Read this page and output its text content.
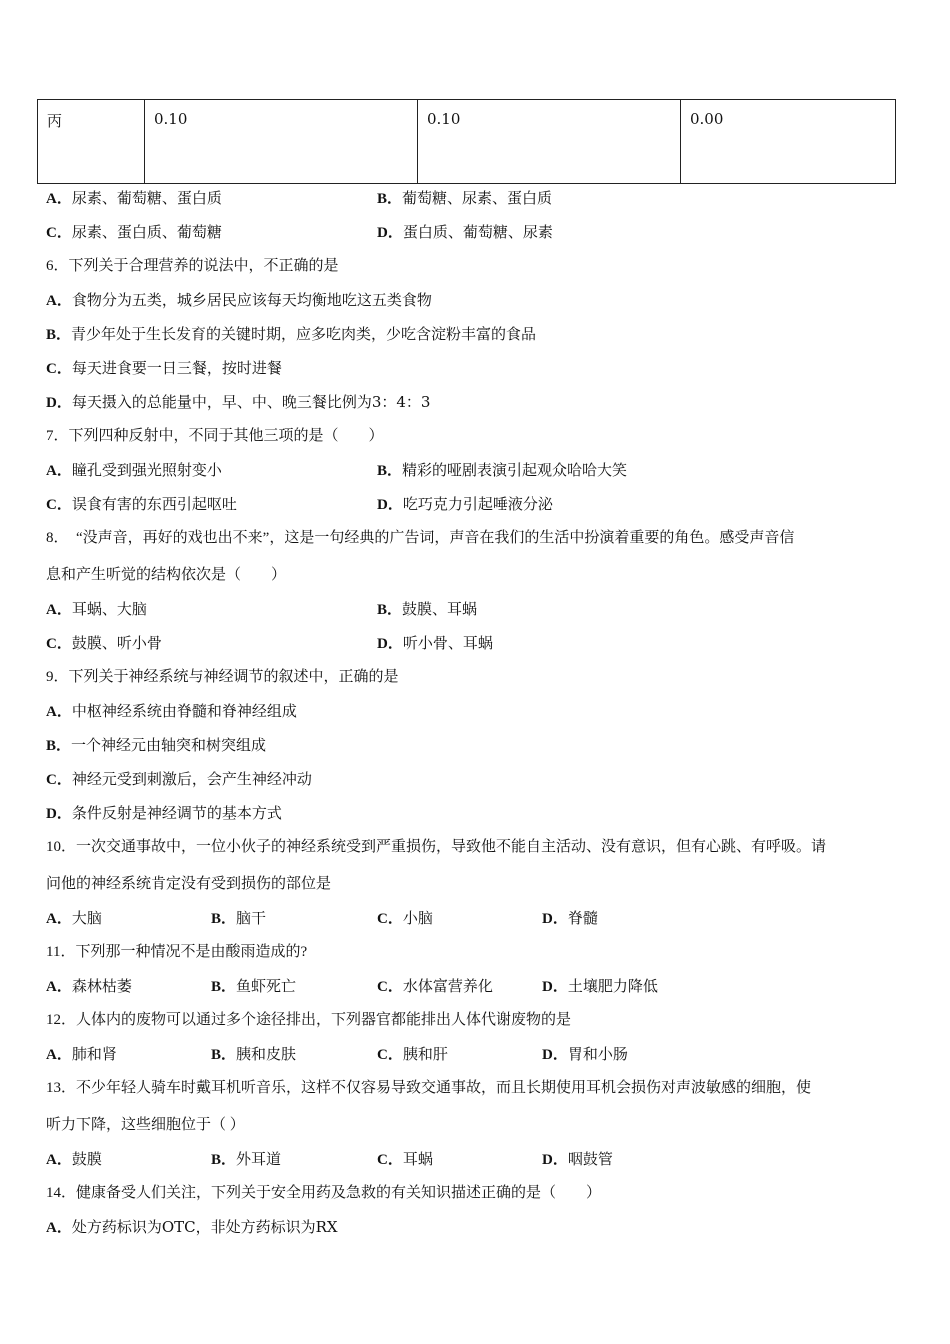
丙	0.10	0.10	0.00
A．尿素、葡萄糖、蛋白质	B．葡萄糖、尿素、蛋白质
C．尿素、蛋白质、葡萄糖	D．蛋白质、葡萄糖、尿素
6．下列关于合理营养的说法中，不正确的是
A．食物分为五类，城乡居民应该每天均衡地吃这五类食物
B．青少年处于生长发育的关键时期，应多吃肉类，少吃含淀粉丰富的食品
C．每天进食要一日三餐，按时进餐
D．每天摄入的总能量中，早、中、晚三餐比例为3：4：3
7．下列四种反射中，不同于其他三项的是（　　）
A．瞳孔受到强光照射变小	B．精彩的哑剧表演引起观众哈哈大笑
C．误食有害的东西引起呕吐	D．吃巧克力引起唾液分泌
8．　“没声音，再好的戏也出不来”，这是一句经典的广告词，声音在我们的生活中扮演着重要的角色。感受声音信
息和产生听觉的结构依次是（　　）
A．耳蜗、大脑	B．鼓膜、耳蜗
C．鼓膜、听小骨	D．听小骨、耳蜗
9．下列关于神经系统与神经调节的叙述中，正确的是
A．中枢神经系统由脊髓和脊神经组成
B．一个神经元由轴突和树突组成
C．神经元受到刺激后，会产生神经冲动
D．条件反射是神经调节的基本方式
10．一次交通事故中，一位小伙子的神经系统受到严重损伤，导致他不能自主活动、没有意识，但有心跳、有呼吸。请
问他的神经系统肯定没有受到损伤的部位是
A．大脑	B．脑干	C．小脑	D．脊髓
11．下列那一种情况不是由酸雨造成的?
A．森林枯萎	B．鱼虾死亡	C．水体富营养化	D．土壤肥力降低
12．人体内的废物可以通过多个途径排出，下列器官都能排出人体代谢废物的是
A．肺和肾	B．胰和皮肤	C．胰和肝	D．胃和小肠
13．不少年轻人骑车时戴耳机听音乐，这样不仅容易导致交通事故，而且长期使用耳机会损伤对声波敏感的细胞，使
听力下降，这些细胞位于（ ）
A．鼓膜	B．外耳道	C．耳蜗	D．咽鼓管
14．健康备受人们关注，下列关于安全用药及急救的有关知识描述正确的是（　　）
A．处方药标识为OTC，非处方药标识为RX
